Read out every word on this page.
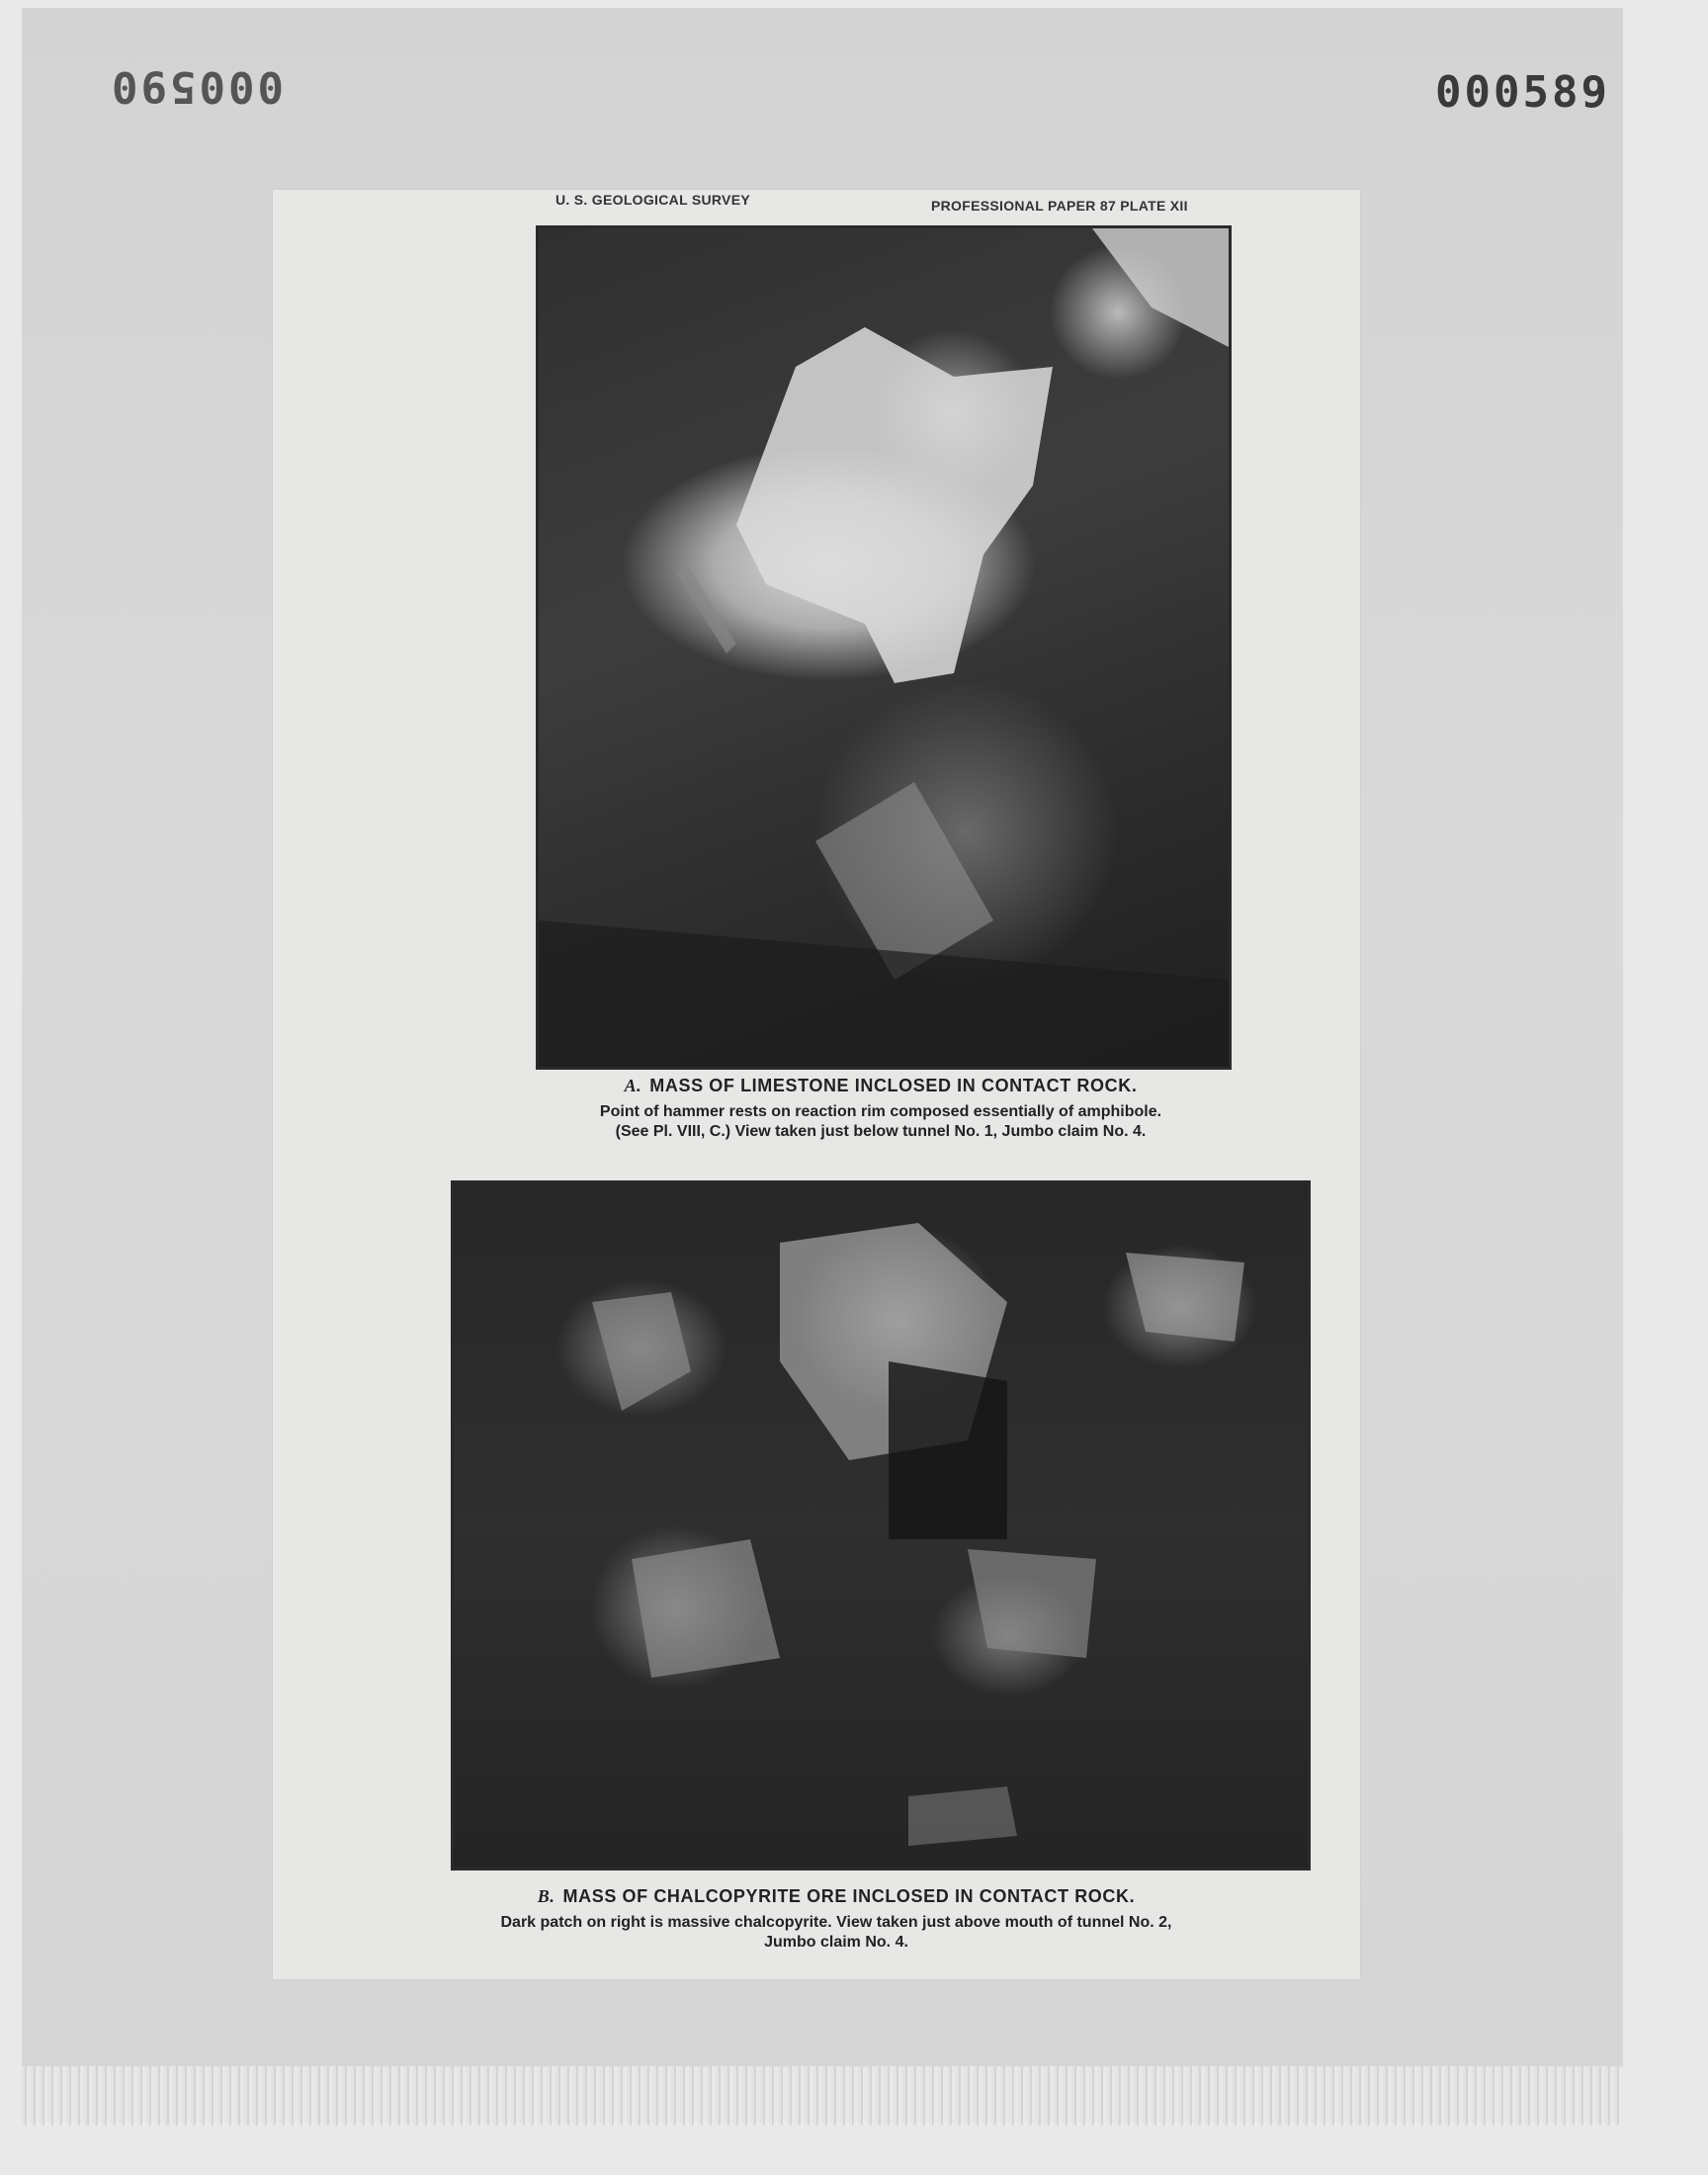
000590	000589
U. S. GEOLOGICAL SURVEY	PROFESSIONAL PAPER 87 PLATE XII
A. MASS OF LIMESTONE INCLOSED IN CONTACT ROCK.
Point of hammer rests on reaction rim composed essentially of amphibole.
(See Pl. VIII, C.) View taken just below tunnel No. 1, Jumbo claim No. 4.
B. MASS OF CHALCOPYRITE ORE INCLOSED IN CONTACT ROCK.
Dark patch on right is massive chalcopyrite. View taken just above mouth of tunnel No. 2,
Jumbo claim No. 4.
